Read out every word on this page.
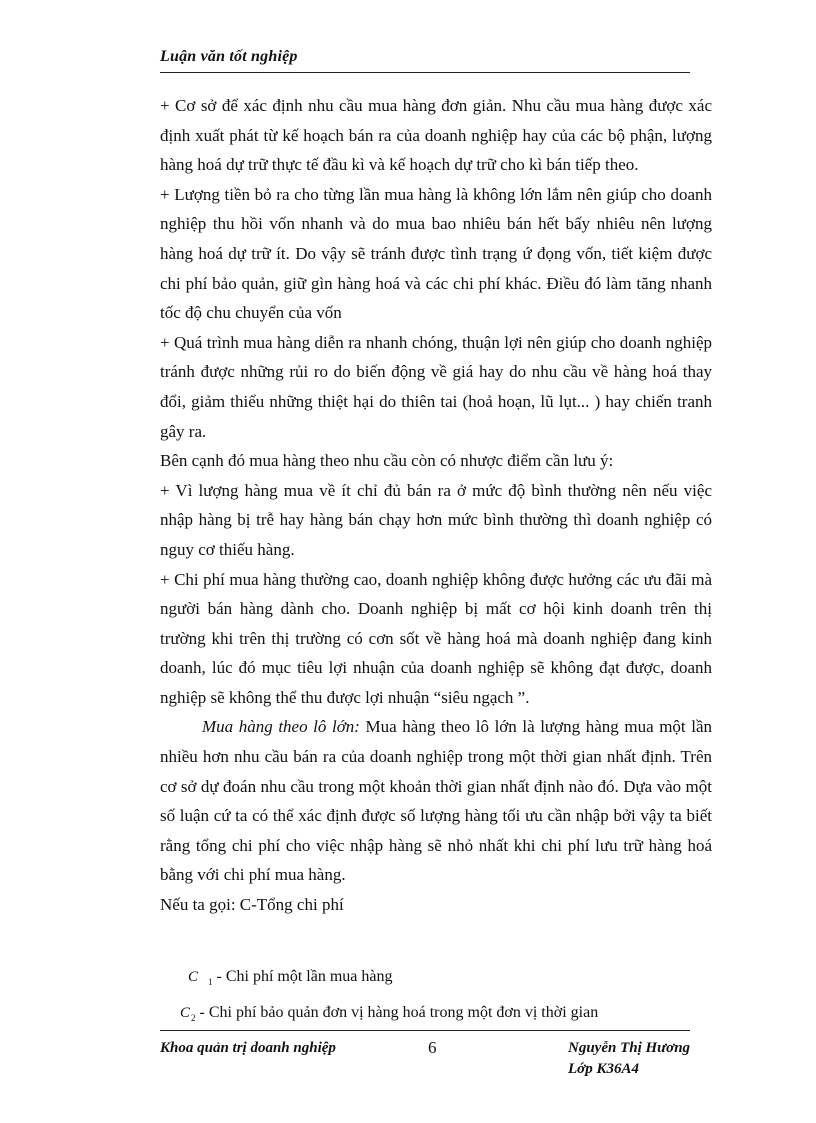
Luận văn tốt nghiệp

+ Cơ sở để xác định nhu cầu mua hàng đơn giản. Nhu cầu mua hàng được xác định xuất phát từ kế hoạch bán ra của doanh nghiệp hay của các bộ phận, lượng hàng hoá dự trữ thực tế đầu kì và kế hoạch dự trữ cho kì bán tiếp theo.

+ Lượng tiền bỏ ra cho từng lần mua hàng là không lớn lắm nên giúp cho doanh nghiệp thu hồi vốn nhanh và do mua bao nhiêu bán hết bấy nhiêu nên lượng hàng hoá dự trữ ít. Do vậy sẽ tránh được tình trạng ứ đọng vốn, tiết kiệm được chi phí bảo quản, giữ gìn hàng hoá và các chi phí khác. Điều đó làm tăng nhanh tốc độ chu chuyển của vốn

+ Quá trình mua hàng diễn ra nhanh chóng, thuận lợi nên giúp cho doanh nghiệp tránh được những rủi ro do biến động về giá hay do nhu cầu về hàng hoá thay đổi, giảm thiểu những thiệt hại do thiên tai (hoả hoạn, lũ lụt... ) hay chiến tranh gây ra.

Bên cạnh đó mua hàng theo nhu cầu còn có nhược điểm cần lưu ý:

+ Vì lượng hàng mua về ít chỉ đủ bán ra ở mức độ bình thường nên nếu việc nhập hàng bị trễ hay hàng bán chạy hơn mức bình thường thì doanh nghiệp có nguy cơ thiếu hàng.

+ Chi phí mua hàng thường cao, doanh nghiệp không được hưởng các ưu đãi mà người bán hàng dành cho. Doanh nghiệp bị mất cơ hội kinh doanh trên thị trường khi trên thị trường có cơn sốt về hàng hoá mà doanh nghiệp đang kinh doanh, lúc đó mục tiêu lợi nhuận của doanh nghiệp sẽ không đạt được, doanh nghiệp sẽ không thể thu được lợi nhuận “siêu ngạch ”.

Mua hàng theo lô lớn: Mua hàng theo lô lớn là lượng hàng mua một lần nhiều hơn nhu cầu bán ra của doanh nghiệp trong một thời gian nhất định. Trên cơ sở dự đoán nhu cầu trong một khoản thời gian nhất định nào đó. Dựa vào một số luận cứ ta có thể xác định được số lượng hàng tối ưu cần nhập bởi vậy ta biết rằng tổng chi phí cho việc nhập hàng sẽ nhỏ nhất khi chi phí lưu trữ hàng hoá bằng với chi phí mua hàng.

Nếu ta gọi: C-Tổng chi phí

C $_1$ - Chi phí một lần mua hàng
$C_2$ - Chi phí bảo quản đơn vị hàng hoá trong một đơn vị thời gian
Khoa quản trị doanh nghiệp	6	Nguyễn Thị Hương
Lớp K36A4
